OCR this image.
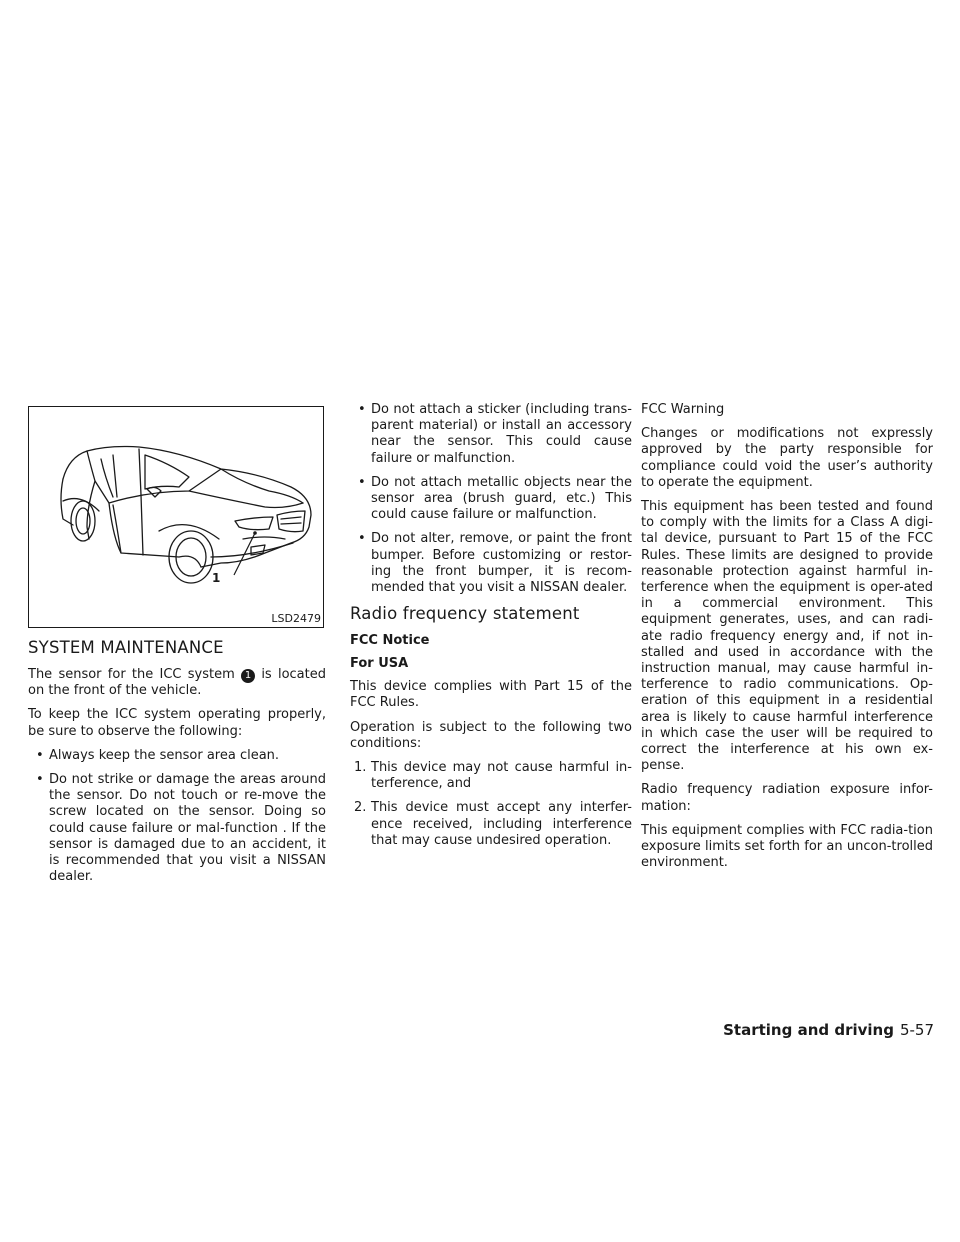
1
LSD2479
SYSTEM MAINTENANCE

The sensor for the ICC system 1 is located on the front of the vehicle.

To keep the ICC system operating properly, be sure to observe the following:

• Always keep the sensor area clean.
• Do not strike or damage the areas around the sensor. Do not touch or re-move the screw located on the sensor. Doing so could cause failure or mal-function . If the sensor is damaged due to an accident, it is recommended that you visit a NISSAN dealer.
• Do not attach a sticker (including trans-parent material) or install an accessory near the sensor. This could cause failure or malfunction.
• Do not attach metallic objects near the sensor area (brush guard, etc.) This could cause failure or malfunction.
• Do not alter, remove, or paint the front bumper. Before customizing or restor-ing the front bumper, it is recom-mended that you visit a NISSAN dealer.
Radio frequency statement
FCC Notice
For USA

This device complies with Part 15 of the FCC Rules.

Operation is subject to the following two conditions:

1. This device may not cause harmful in-terference, and
2. This device must accept any interfer-ence received, including interference that may cause undesired operation.

FCC Warning

Changes or modifications not expressly approved by the party responsible for compliance could void the user’s authority to operate the equipment.

This equipment has been tested and found to comply with the limits for a Class A digi-tal device, pursuant to Part 15 of the FCC Rules. These limits are designed to provide reasonable protection against harmful in-terference when the equipment is oper-ated in a commercial environment. This equipment generates, uses, and can radi-ate radio frequency energy and, if not in-stalled and used in accordance with the instruction manual, may cause harmful in-terference to radio communications. Op-eration of this equipment in a residential area is likely to cause harmful interference in which case the user will be required to correct the interference at his own ex-pense.

Radio frequency radiation exposure infor-mation:

This equipment complies with FCC radia-tion exposure limits set forth for an uncon-trolled environment.

Starting and driving 5-57
